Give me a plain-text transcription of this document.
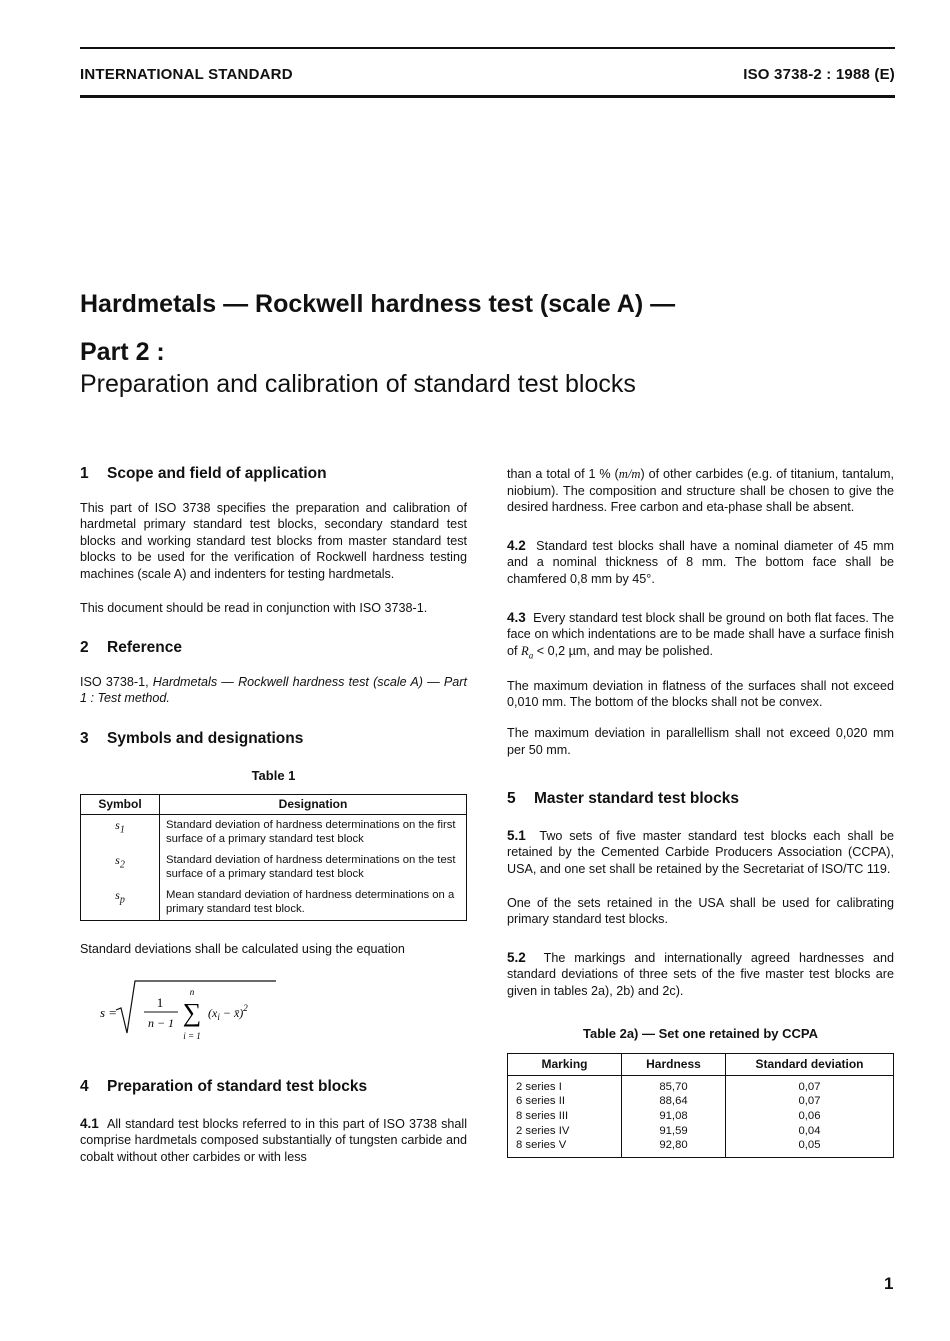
INTERNATIONAL STANDARD	ISO 3738-2 : 1988 (E)
Hardmetals — Rockwell hardness test (scale A) —
Part 2 :
Preparation and calibration of standard test blocks
1 Scope and field of application

This part of ISO 3738 specifies the preparation and calibration of hardmetal primary standard test blocks, secondary standard test blocks and working standard test blocks from master standard test blocks to be used for the verification of Rockwell hardness testing machines (scale A) and indenters for testing hardmetals.

This document should be read in conjunction with ISO 3738-1.

2 Reference

ISO 3738-1, Hardmetals — Rockwell hardness test (scale A) — Part 1 : Test method.

3 Symbols and designations
Table 1
Symbol	Designation
$s_1$	Standard deviation of hardness determinations on the first surface of a primary standard test block
$s_2$	Standard deviation of hardness determinations on the test surface of a primary standard test block
$s_p$	Mean standard deviation of hardness determinations on a primary standard test block.

Standard deviations shall be calculated using the equation

s =
1
n − 1
n
∑
i = 1
($x_i$ − x̄)$^2$
4 Preparation of standard test blocks

4.1 All standard test blocks referred to in this part of ISO 3738 shall comprise hardmetals composed substantially of tungsten carbide and cobalt without other carbides or with less

than a total of 1 % (m/m) of other carbides (e.g. of titanium, tantalum, niobium). The composition and structure shall be chosen to give the desired hardness. Free carbon and eta-phase shall be absent.

4.2 Standard test blocks shall have a nominal diameter of 45 mm and a nominal thickness of 8 mm. The bottom face shall be chamfered 0,8 mm by 45°.

4.3 Every standard test block shall be ground on both flat faces. The face on which indentations are to be made shall have a surface finish of $R_a < 0,2$ µm, and may be polished.

The maximum deviation in flatness of the surfaces shall not exceed 0,010 mm. The bottom of the blocks shall not be convex.

The maximum deviation in parallellism shall not exceed 0,020 mm per 50 mm.

5 Master standard test blocks

5.1 Two sets of five master standard test blocks each shall be retained by the Cemented Carbide Producers Association (CCPA), USA, and one set shall be retained by the Secretariat of ISO/TC 119.

One of the sets retained in the USA shall be used for calibrating primary standard test blocks.

5.2 The markings and internationally agreed hardnesses and standard deviations of three sets of the five master test blocks are given in tables 2a), 2b) and 2c).

Table 2a) — Set one retained by CCPA
Marking	Hardness	Standard deviation
2 series I	85,70	0,07
6 series II	88,64	0,07
8 series III	91,08	0,06
2 series IV	91,59	0,04
8 series V	92,80	0,05
1
